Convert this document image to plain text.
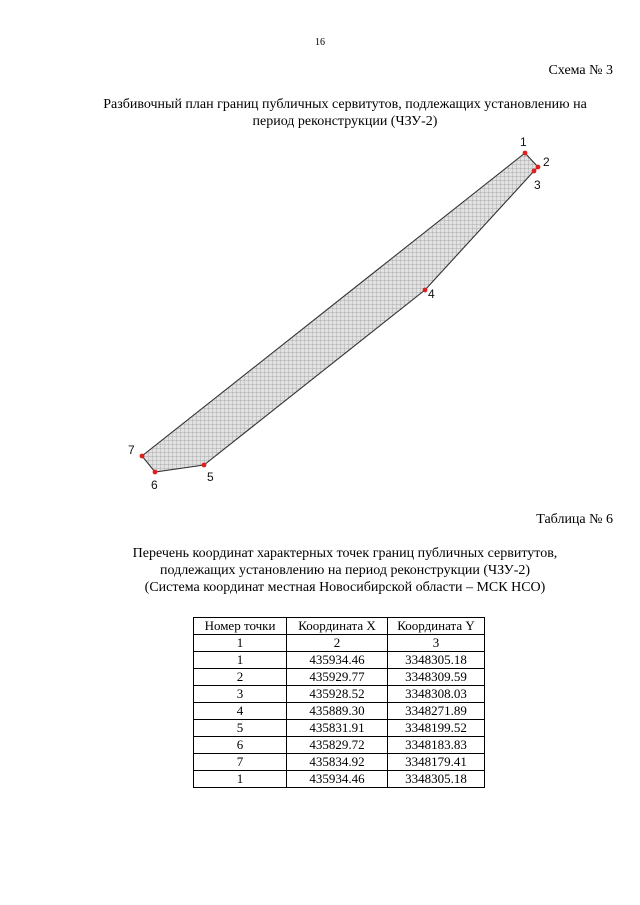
16
Схема № 3
Разбивочный план границ публичных сервитутов, подлежащих установлению на
период реконструкции (ЧЗУ-2)
1
2
3
4
5
6
7
Таблица № 6
Перечень координат характерных точек границ публичных сервитутов,
подлежащих установлению на период реконструкции (ЧЗУ-2)
(Система координат местная Новосибирской области – МСК НСО)
Номер точки	Координата X	Координата Y
1	2	3
1	435934.46	3348305.18
2	435929.77	3348309.59
3	435928.52	3348308.03
4	435889.30	3348271.89
5	435831.91	3348199.52
6	435829.72	3348183.83
7	435834.92	3348179.41
1	435934.46	3348305.18
